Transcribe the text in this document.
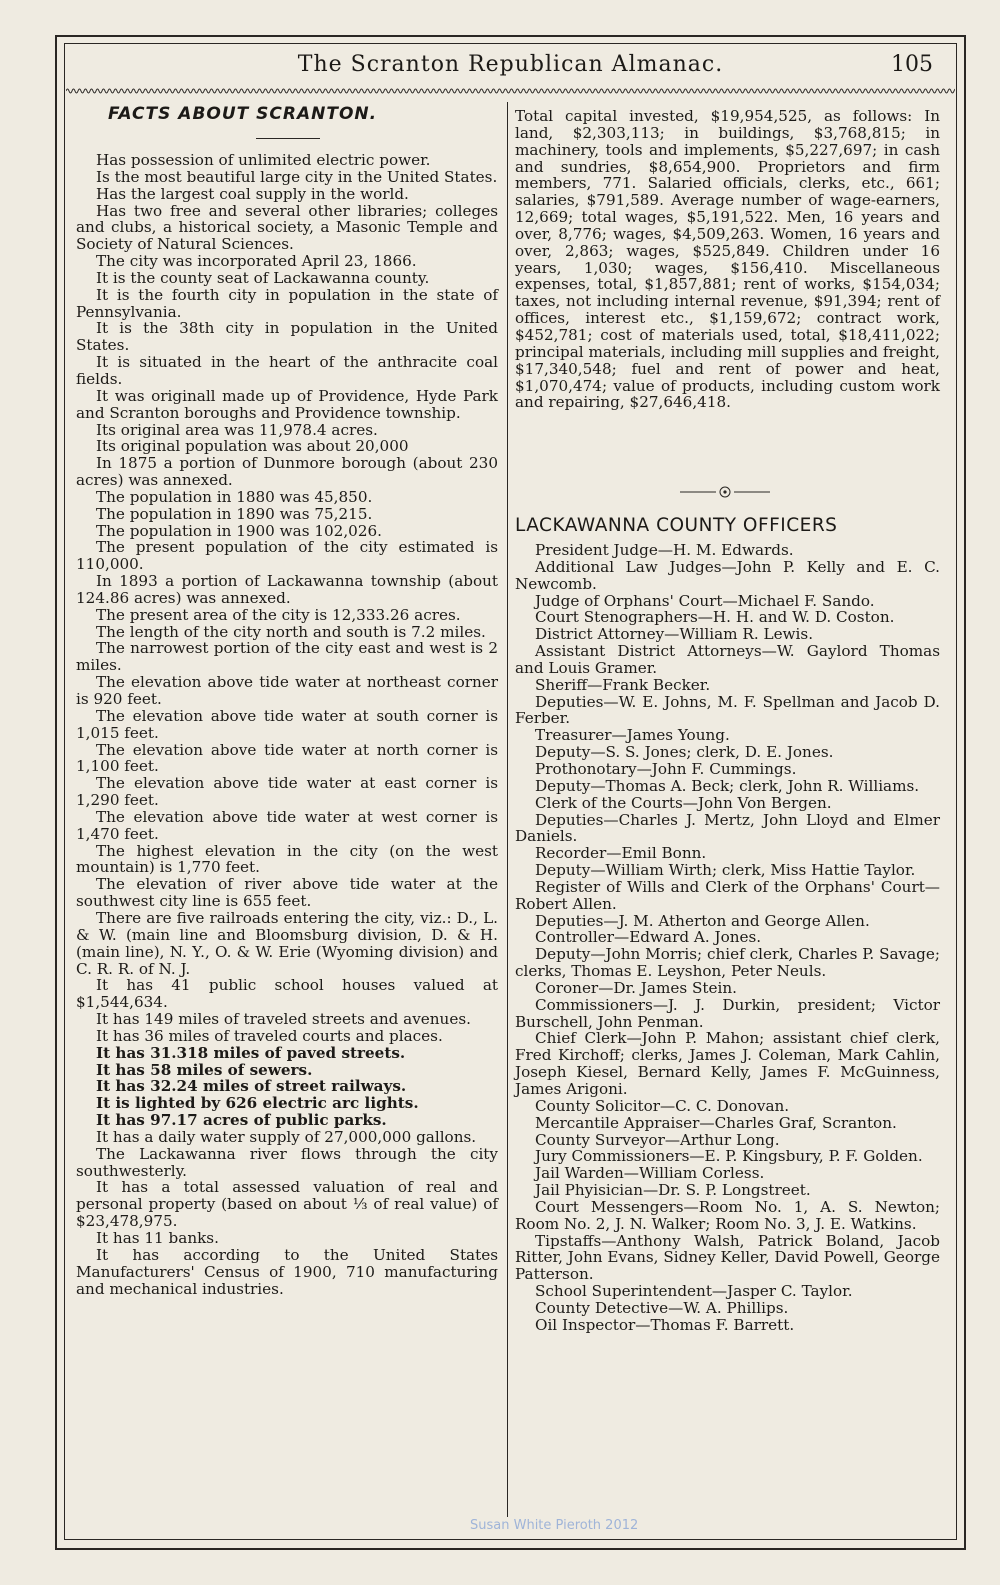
The Scranton Republican Almanac.	105
FACTS ABOUT SCRANTON.

Has possession of unlimited electric power.

Is the most beautiful large city in the United States.

Has the largest coal supply in the world.

Has two free and several other libraries; colleges and clubs, a historical society, a Masonic Temple and Society of Natural Sciences.

The city was incorporated April 23, 1866.

It is the county seat of Lackawanna county.

It is the fourth city in population in the state of Pennsylvania.

It is the 38th city in population in the United States.

It is situated in the heart of the anthracite coal fields.

It was originall made up of Providence, Hyde Park and Scranton boroughs and Providence township.

Its original area was 11,978.4 acres.

Its original population was about 20,000

In 1875 a portion of Dunmore borough (about 230 acres) was annexed.

The population in 1880 was 45,850.

The population in 1890 was 75,215.

The population in 1900 was 102,026.

The present population of the city estimated is 110,000.

In 1893 a portion of Lackawanna township (about 124.86 acres) was annexed.

The present area of the city is 12,333.26 acres.

The length of the city north and south is 7.2 miles.

The narrowest portion of the city east and west is 2 miles.

The elevation above tide water at northeast corner is 920 feet.

The elevation above tide water at south corner is 1,015 feet.

The elevation above tide water at north corner is 1,100 feet.

The elevation above tide water at east corner is 1,290 feet.

The elevation above tide water at west corner is 1,470 feet.

The highest elevation in the city (on the west mountain) is 1,770 feet.

The elevation of river above tide water at the southwest city line is 655 feet.

There are five railroads entering the city, viz.: D., L. & W. (main line and Bloomsburg division, D. & H. (main line), N. Y., O. & W. Erie (Wyoming division) and C. R. R. of N. J.

It has 41 public school houses valued at $1,544,634.

It has 149 miles of traveled streets and avenues.

It has 36 miles of traveled courts and places.

It has 31.318 miles of paved streets.

It has 58 miles of sewers.

It has 32.24 miles of street railways.

It is lighted by 626 electric arc lights.

It has 97.17 acres of public parks.

It has a daily water supply of 27,000,000 gallons.

The Lackawanna river flows through the city southwesterly.

It has a total assessed valuation of real and personal property (based on about ⅓ of real value) of $23,478,975.

It has 11 banks.

It has according to the United States Manufacturers' Census of 1900, 710 manufacturing and mechanical industries.

Total capital invested, $19,954,525, as follows: In land, $2,303,113; in buildings, $3,768,815; in machinery, tools and implements, $5,227,697; in cash and sundries, $8,654,900. Proprietors and firm members, 771. Salaried officials, clerks, etc., 661; salaries, $791,589. Average number of wage-earners, 12,669; total wages, $5,191,522. Men, 16 years and over, 8,776; wages, $4,509,263. Women, 16 years and over, 2,863; wages, $525,849. Children under 16 years, 1,030; wages, $156,410. Miscellaneous expenses, total, $1,857,881; rent of works, $154,034; taxes, not including internal revenue, $91,394; rent of offices, interest etc., $1,159,672; contract work, $452,781; cost of materials used, total, $18,411,022; principal materials, including mill supplies and freight, $17,340,548; fuel and rent of power and heat, $1,070,474; value of products, including custom work and repairing, $27,646,418.

LACKAWANNA COUNTY OFFICERS

President Judge—H. M. Edwards.

Additional Law Judges—John P. Kelly and E. C. Newcomb.

Judge of Orphans' Court—Michael F. Sando.

Court Stenographers—H. H. and W. D. Coston.

District Attorney—William R. Lewis.

Assistant District Attorneys—W. Gaylord Thomas and Louis Gramer.

Sheriff—Frank Becker.

Deputies—W. E. Johns, M. F. Spellman and Jacob D. Ferber.

Treasurer—James Young.

Deputy—S. S. Jones; clerk, D. E. Jones.

Prothonotary—John F. Cummings.

Deputy—Thomas A. Beck; clerk, John R. Williams.

Clerk of the Courts—John Von Bergen.

Deputies—Charles J. Mertz, John Lloyd and Elmer Daniels.

Recorder—Emil Bonn.

Deputy—William Wirth; clerk, Miss Hattie Taylor.

Register of Wills and Clerk of the Orphans' Court—Robert Allen.

Deputies—J. M. Atherton and George Allen.

Controller—Edward A. Jones.

Deputy—John Morris; chief clerk, Charles P. Savage; clerks, Thomas E. Leyshon, Peter Neuls.

Coroner—Dr. James Stein.

Commissioners—J. J. Durkin, president; Victor Burschell, John Penman.

Chief Clerk—John P. Mahon; assistant chief clerk, Fred Kirchoff; clerks, James J. Coleman, Mark Cahlin, Joseph Kiesel, Bernard Kelly, James F. McGuinness, James Arigoni.

County Solicitor—C. C. Donovan.

Mercantile Appraiser—Charles Graf, Scranton.

County Surveyor—Arthur Long.

Jury Commissioners—E. P. Kingsbury, P. F. Golden.

Jail Warden—William Corless.

Jail Phyisician—Dr. S. P. Longstreet.

Court Messengers—Room No. 1, A. S. Newton; Room No. 2, J. N. Walker; Room No. 3, J. E. Watkins.

Tipstaffs—Anthony Walsh, Patrick Boland, Jacob Ritter, John Evans, Sidney Keller, David Powell, George Patterson.

School Superintendent—Jasper C. Taylor.

County Detective—W. A. Phillips.

Oil Inspector—Thomas F. Barrett.

Susan White Pieroth 2012
